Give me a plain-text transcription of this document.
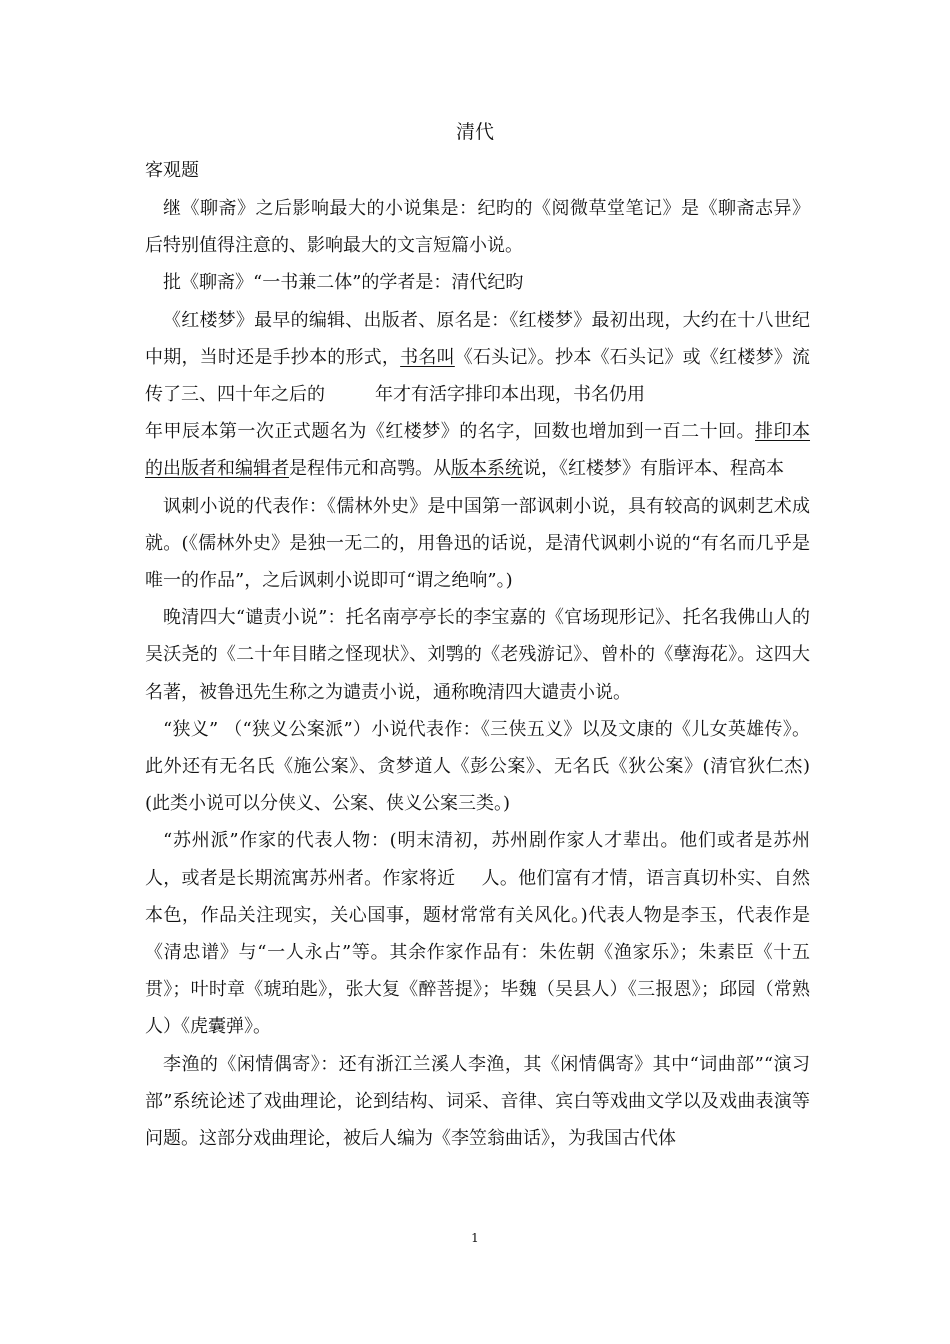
清代

客观题

继《聊斋》之后影响最大的小说集是：纪昀的《阅微草堂笔记》是《聊斋志异》后特别值得注意的、影响最大的文言短篇小说。

批《聊斋》“一书兼二体”的学者是：清代纪昀

《红楼梦》最早的编辑、出版者、原名是：《红楼梦》最初出现，大约在十八世纪中期，当时还是手抄本的形式，书名叫《石头记》。抄本《石头记》或《红楼梦》流传了三、四十年之后的	年才有活字排印本出现，书名仍用
年甲辰本第一次正式题名为《红楼梦》的名字，回数也增加到一百二十回。排印本的出版者和编辑者是程伟元和高鹗。从版本系统说，《红楼梦》有脂评本、程高本

讽刺小说的代表作：《儒林外史》是中国第一部讽刺小说，具有较高的讽刺艺术成就。(《儒林外史》是独一无二的，用鲁迅的话说，是清代讽刺小说的“有名而几乎是唯一的作品”，之后讽刺小说即可“谓之绝响”。)

晚清四大“谴责小说”：托名南亭亭长的李宝嘉的《官场现形记》、托名我佛山人的吴沃尧的《二十年目睹之怪现状》、刘鹗的《老残游记》、曾朴的《孽海花》。这四大名著，被鲁迅先生称之为谴责小说，通称晚清四大谴责小说。

“狭义” （“狭义公案派”）小说代表作：《三侠五义》以及文康的《儿女英雄传》。此外还有无名氏《施公案》、贪梦道人《彭公案》、无名氏《狄公案》(清官狄仁杰)(此类小说可以分侠义、公案、侠义公案三类。)

“苏州派”作家的代表人物：(明末清初，苏州剧作家人才辈出。他们或者是苏州人，或者是长期流寓苏州者。作家将近 人。他们富有才情，语言真切朴实、自然本色，作品关注现实，关心国事，题材常常有关风化。)代表人物是李玉，代表作是《清忠谱》与“一人永占”等。其余作家作品有：朱佐朝《渔家乐》；朱素臣《十五贯》；叶时章《琥珀匙》，张大复《醉菩提》；毕魏（吴县人）《三报恩》；邱园（常熟人）《虎囊弹》。

李渔的《闲情偶寄》：还有浙江兰溪人李渔，其《闲情偶寄》其中“词曲部”“演习部”系统论述了戏曲理论，论到结构、词采、音律、宾白等戏曲文学以及戏曲表演等问题。这部分戏曲理论，被后人编为《李笠翁曲话》，为我国古代体

1
